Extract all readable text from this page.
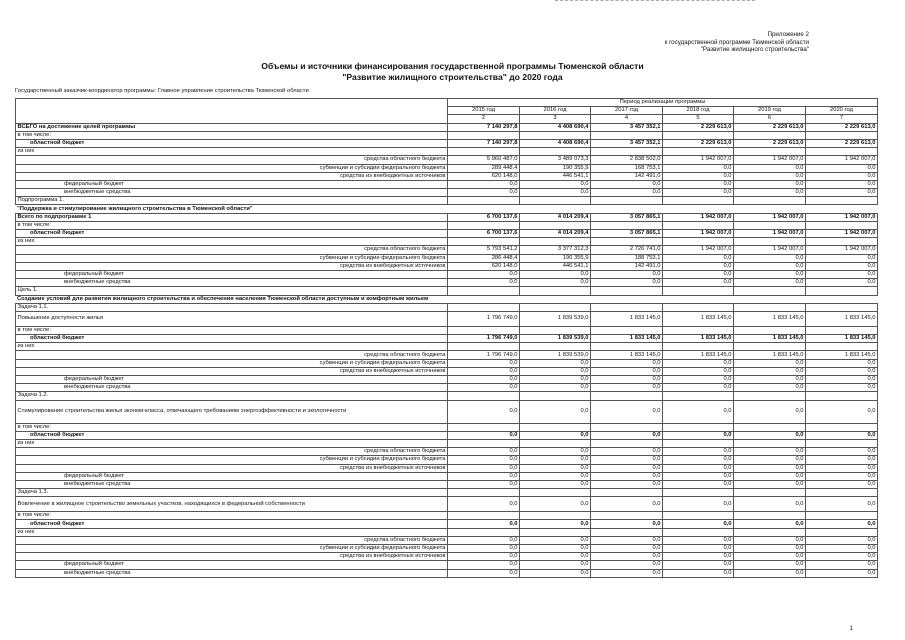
Приложение 2
к государственной программе Тюменской области
"Развитие жилищного строительства"
Объемы и источники финансирования государственной программы Тюменской области
"Развитие жилищного строительства" до 2020 года
Государственный заказчик-координатор программы: Главное управление строительства Тюменской области
	Период реализации программы					
	2015 год	2016 год	2017 год	2018 год	2019 год	2020 год
	2	3	4	5	6	7
ВСЕГО на достижение целей программы	7 140 297,8	4 408 690,4	3 457 352,1	2 229 613,0	2 229 613,0	2 229 613,0
в том числе:						
областной бюджет	7 140 297,8	4 408 690,4	3 457 352,1	2 229 613,0	2 229 613,0	2 229 613,0
из них						
средства областного бюджета	5 960 487,0	3 489 073,3	2 838 502,0	1 942 007,0	1 942 007,0	1 942 007,0
субвенции и субсидии федерального бюджета	289 448,4	190 355,9	168 753,1	0,0	0,0	0,0
средства из внебюджетных источников	620 148,0	446 541,1	142 491,0	0,0	0,0	0,0
федеральный бюджет	0,0	0,0	0,0	0,0	0,0	0,0
внебюджетные средства	0,0	0,0	0,0	0,0	0,0	0,0
Подпрограмма 1.						
"Поддержка и стимулирование жилищного строительства в Тюменской области"						
Всего по подпрограмме 1	6 700 137,6	4 014 209,4	3 057 865,1	1 942 007,0	1 942 007,0	1 942 007,0
в том числе:						
областной бюджет	6 700 137,6	4 014 209,4	3 057 865,1	1 942 007,0	1 942 007,0	1 942 007,0
из них						
средства областного бюджета	5 793 541,2	3 377 312,3	2 726 741,0	1 942 007,0	1 942 007,0	1 942 007,0
субвенции и субсидии федерального бюджета	286 448,4	190 355,9	188 753,1	0,0	0,0	0,0
средства из внебюджетных источников	620 148,0	446 541,1	142 491,0	0,0	0,0	0,0
федеральный бюджет	0,0	0,0	0,0	0,0	0,0	0,0
внебюджетные средства	0,0	0,0	0,0	0,0	0,0	0,0
Цель 1.						
Создание условий для развития жилищного строительства и обеспечения населения Тюменской области доступным и комфортным жильем						
Задача 1.1.						
Повышение доступности жилья	1 796 749,0	1 839 539,0	1 833 145,0	1 833 145,0	1 833 145,0	1 833 145,0
в том числе:						
областной бюджет	1 796 749,0	1 839 539,0	1 833 145,0	1 833 145,0	1 833 145,0	1 833 145,0
из них						
средства областного бюджета	1 796 749,0	1 839 539,0	1 833 145,0	1 833 145,0	1 833 145,0	1 833 145,0
субвенции и субсидии федерального бюджета	0,0	0,0	0,0	0,0	0,0	0,0
средства из внебюджетных источников	0,0	0,0	0,0	0,0	0,0	0,0
федеральный бюджет	0,0	0,0	0,0	0,0	0,0	0,0
внебюджетные средства	0,0	0,0	0,0	0,0	0,0	0,0
Задача 1.2.						
Стимулирование строительства жилья эконом-класса, отвечающего требованиям энергоэффективности и экологичности	0,0	0,0	0,0	0,0	0,0	0,0
в том числе:						
областной бюджет	0,0	0,0	0,0	0,0	0,0	0,0
из них						
средства областного бюджета	0,0	0,0	0,0	0,0	0,0	0,0
субвенции и субсидии федерального бюджета	0,0	0,0	0,0	0,0	0,0	0,0
средства из внебюджетных источников	0,0	0,0	0,0	0,0	0,0	0,0
федеральный бюджет	0,0	0,0	0,0	0,0	0,0	0,0
внебюджетные средства	0,0	0,0	0,0	0,0	0,0	0,0
Задача 1.3.						
Вовлечение в жилищное строительство земельных участков, находящихся в федеральной собственности	0,0	0,0	0,0	0,0	0,0	0,0
в том числе:						
областной бюджет	0,0	0,0	0,0	0,0	0,0	0,0
из них						
средства областного бюджета	0,0	0,0	0,0	0,0	0,0	0,0
субвенции и субсидии федерального бюджета	0,0	0,0	0,0	0,0	0,0	0,0
средства из внебюджетных источников	0,0	0,0	0,0	0,0	0,0	0,0
федеральный бюджет	0,0	0,0	0,0	0,0	0,0	0,0
внебюджетные средства	0,0	0,0	0,0	0,0	0,0	0,0
1
